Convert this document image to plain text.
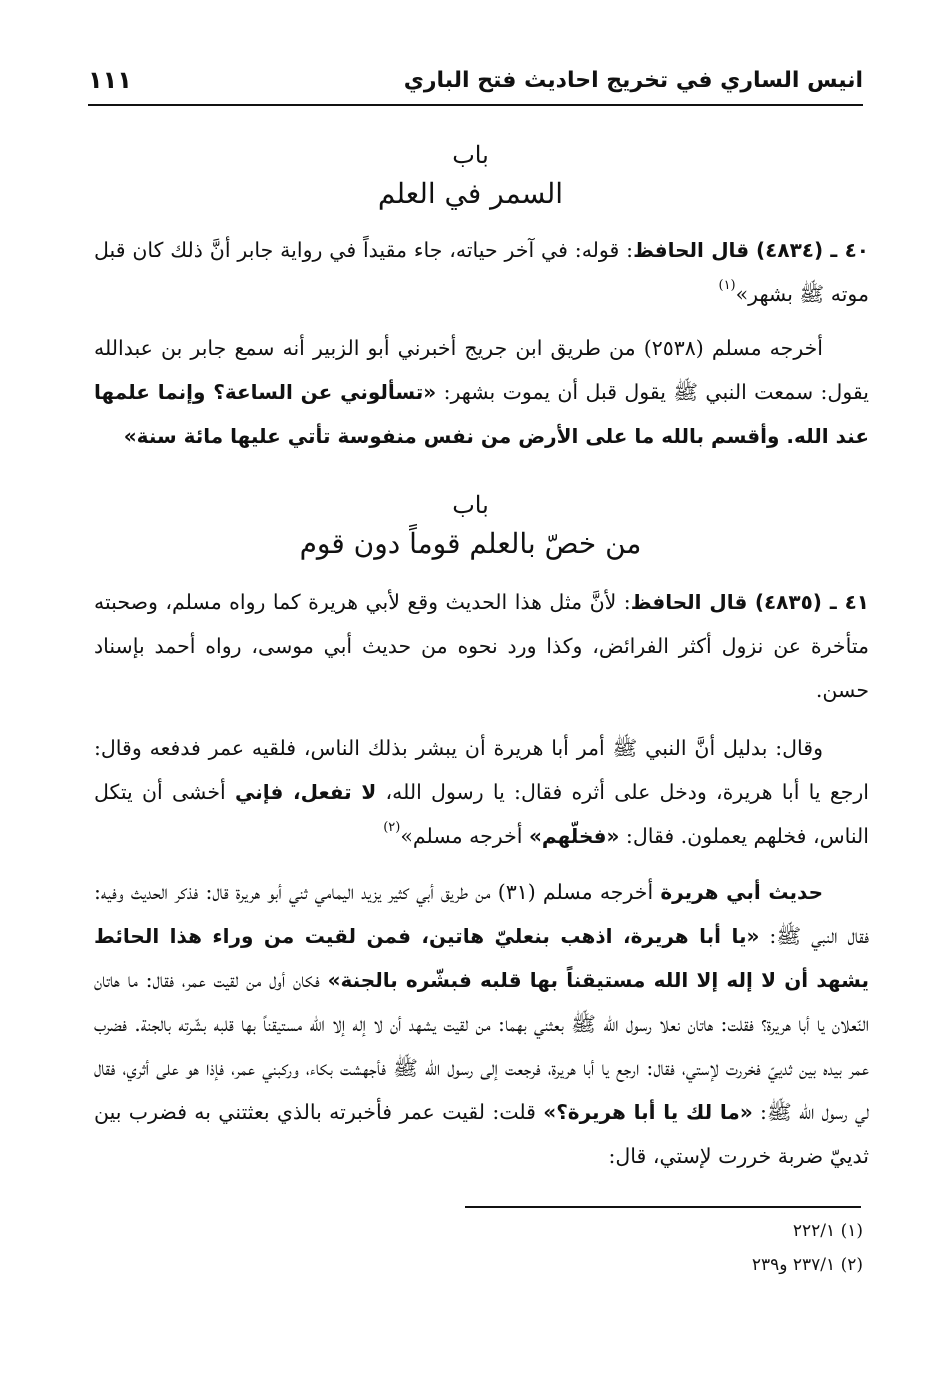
انيس الساري في تخريج احاديث فتح الباري
١١١
باب
السمر في العلم
٤٠ ـ (٤٨٣٤) قال الحافظ: قوله: في آخر حياته، جاء مقيداً في رواية جابر أنَّ ذلك كان قبل موته ﷺ بشهر»$^{(١)}$
أخرجه مسلم (٢٥٣٨) من طريق ابن جريج أخبرني أبو الزبير أنه سمع جابر بن عبدالله يقول: سمعت النبي ﷺ يقول قبل أن يموت بشهر: «تسألوني عن الساعة؟ وإنما علمها عند الله. وأقسم بالله ما على الأرض من نفس منفوسة تأتي عليها مائة سنة»
باب
من خصّ بالعلم قوماً دون قوم
٤١ ـ (٤٨٣٥) قال الحافظ: لأنَّ مثل هذا الحديث وقع لأبي هريرة كما رواه مسلم، وصحبته متأخرة عن نزول أكثر الفرائض، وكذا ورد نحوه من حديث أبي موسى، رواه أحمد بإسناد حسن.
وقال: بدليل أنَّ النبي ﷺ أمر أبا هريرة أن يبشر بذلك الناس، فلقيه عمر فدفعه وقال: ارجع يا أبا هريرة، ودخل على أثره فقال: يا رسول الله، لا تفعل، فإني أخشى أن يتكل الناس، فخلهم يعملون. فقال: «فخلّهم» أخرجه مسلم»$^{(٢)}$
حديث أبي هريرة أخرجه مسلم (٣١) من طريق أبي كثير يزيد اليمامي ثني أبو هريرة قال: فذكر الحديث وفيه: فقال النبي ﷺ: «يا أبا هريرة، اذهب بنعليّ هاتين، فمن لقيت من وراء هذا الحائط يشهد أن لا إله إلا الله مستيقناً بها قلبه فبشّره بالجنة» فكان أول من لقيت عمر، فقال: ما هاتان النّعلان يا أبا هريرة؟ فقلت: هاتان نعلا رسول الله ﷺ بعثني بهما: من لقيت يشهد أن لا إله إلا الله مستيقناً بها قلبه بشّرته بالجنة. فضرب عمر بيده بين ثدييّ فخررت لإستي، فقال: ارجع يا أبا هريرة، فرجعت إلى رسول الله ﷺ فأجهشت بكاء، وركبني عمر، فإذا هو على أثري، فقال لي رسول الله ﷺ: «ما لك يا أبا هريرة؟» قلت: لقيت عمر فأخبرته بالذي بعثتني به فضرب بين ثدييّ ضربة خررت لإستي، قال:
(١) ٢٢٢/١
(٢) ٢٣٧/١ و٢٣٩
